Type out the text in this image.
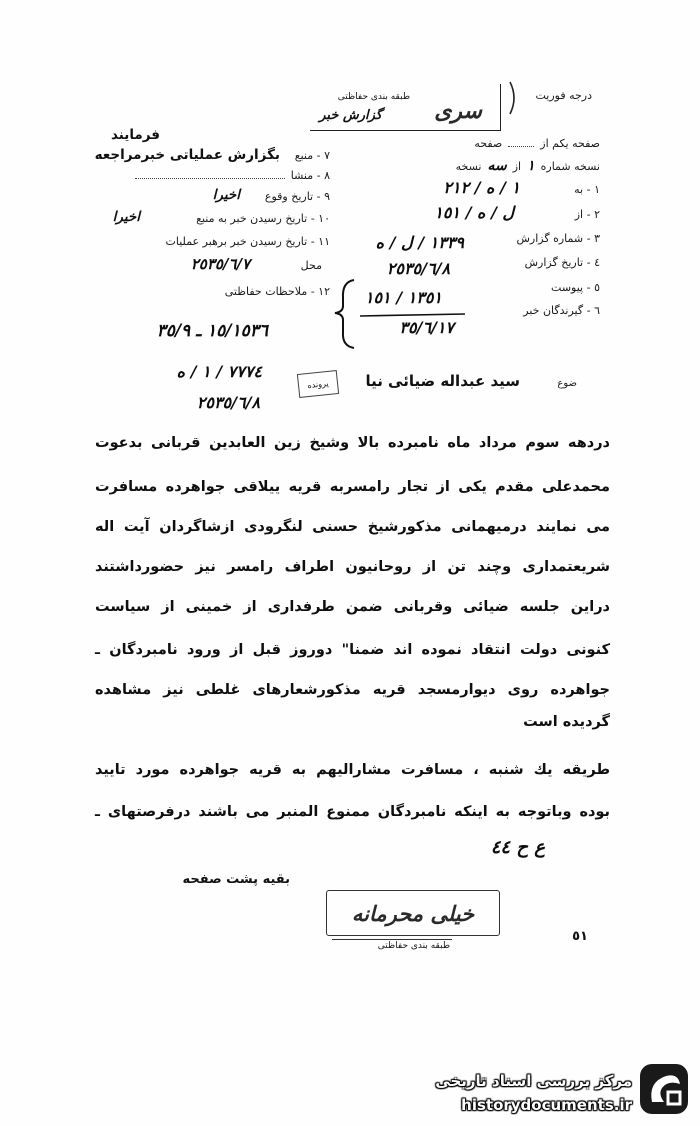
درجه فوریت
طبقه بندی حفاظتی
گزارش خبر سری
صفحه یکم از
صفحه
نسخه شماره
١
از
سه
نسخه
١ - به
١ / ه / ٢١٢
٢ - از
ل / ه / ١٥١
٣ - شماره گزارش
٤ - تاریخ گزارش
٥ - پیوست
٦ - گیرندگان خبر
١٣٣٩ / ل / ه
٢٥٣٥/٦/٨
١٣٥١ / ١٥١
٣٥/٦/١٧
فرمایند
٧ - منبع
بگزارش عملیاتی خبرمراجعه
٨ - منشا
٩ - تاریخ وقوع
اخیرا
١٠ - تاریخ رسیدن خبر به منبع
اخیرا
١١ - تاریخ رسیدن خبر برهبر عملیات
محل
٢٥٣٥/٦/٧
١٢ - ملاحظات حفاظتی
١٥/١٥٣٦ ـ ٣٥/٩
ضوع
سید عبداله ضیائی نیا
پرونده
٧٧٧٤ / ١ / ه
٢٥٣٥/٦/٨
دردهه سوم مرداد ماه نامبرده بالا وشیخ زین العابدین قربانی بدعوت
محمدعلی مقدم یکی از تجار رامسربه قریه ییلاقی جواهرده مسافرت
می نمایند درمیهمانی مذکورشیخ حسنی لنگرودی ازشاگردان آیت اله
شریعتمداری وچند تن از روحانیون اطراف رامسر نیز حضورداشتند
دراین جلسه ضیائی وقربانی ضمن طرفداری از خمینی از سیاست
کنونی دولت انتقاد نموده اند ضمنا" دوروز قبل از ورود نامبردگان ـ
جواهرده روی دیوارمسجد قریه مذکورشعارهای غلطی نیز مشاهده
گردیده است
طریقه یك شنبه ، مسافرت مشارالیهم به قریه جواهرده مورد تایید
بوده وباتوجه به اینکه نامبردگان ممنوع المنبر می باشند درفرصتهای ـ
ع ح ٤٤
بقیه پشت صفحه
خیلی محرمانه
طبقه بندی حفاظتی
٥١
مرکز بررسی اسناد تاریخی
historydocuments.ir
